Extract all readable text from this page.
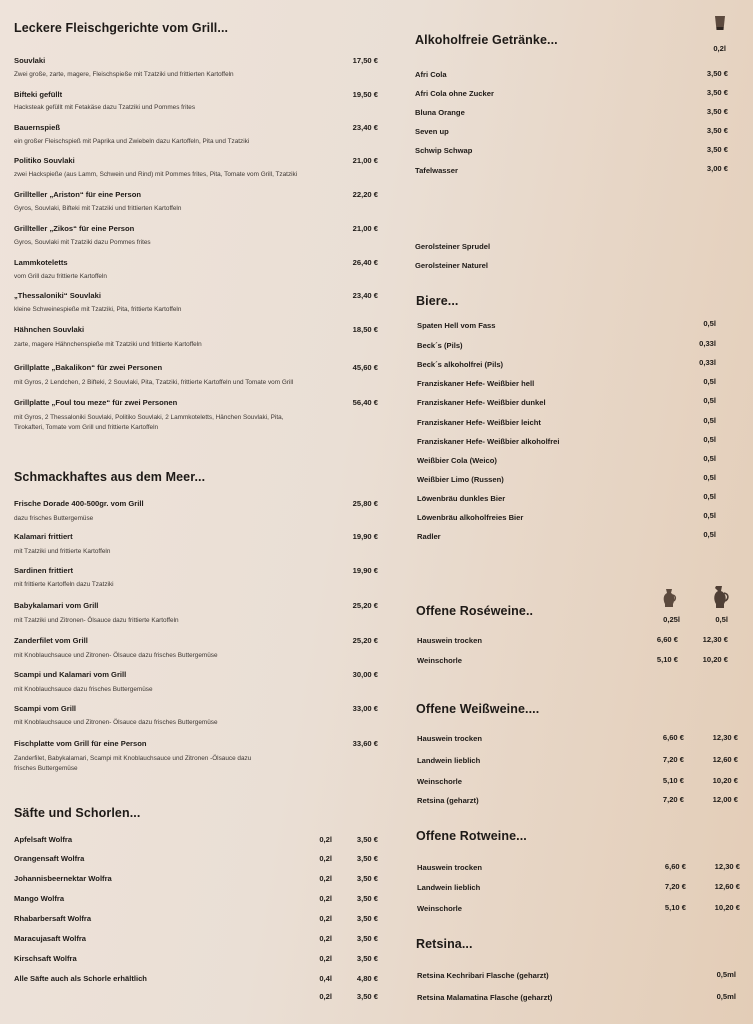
Leckere Fleischgerichte vom Grill...
Souvlaki	17,50 €
Zwei große, zarte, magere, Fleischspieße mit Tzatziki und frittierten Kartoffeln
Bifteki gefüllt	19,50 €
Hacksteak gefüllt mit Fetakäse dazu Tzatziki und Pommes frites
Bauernspieß	23,40 €
ein großer Fleischspieß mit Paprika und Zwiebeln dazu Kartoffeln, Pita und Tzatziki
Politiko Souvlaki	21,00 €
zwei Hackspieße (aus Lamm, Schwein und Rind) mit Pommes frites, Pita, Tomate vom Grill, Tzatziki
Grillteller „Ariston“ für eine Person	22,20 €
Gyros, Souvlaki, Bifteki mit Tzatziki und frittierten Kartoffeln
Grillteller „Zikos“ für eine Person	21,00 €
Gyros, Souvlaki mit Tzatziki dazu Pommes frites
Lammkoteletts	26,40 €
vom Grill dazu frittierte Kartoffeln
„Thessaloniki“ Souvlaki	23,40 €
kleine Schweinespieße mit Tzatziki, Pita, frittierte Kartoffeln
Hähnchen Souvlaki	18,50 €
zarte, magere Hähnchenspieße mit Tzatziki und frittierte Kartoffeln
Grillplatte „Bakalikon“ für zwei Personen	45,60 €
mit Gyros, 2 Lendchen, 2 Bifteki, 2 Souvlaki, Pita, Tzatziki, frittierte Kartoffeln und Tomate vom Grill
Grillplatte „Foul tou meze“ für zwei Personen	56,40 €
mit Gyros, 2 Thessaloniki Souvlaki, Politiko Souvlaki, 2 Lammkoteletts, Hänchen Souvlaki, Pita,
Tirokafteri, Tomate vom Grill und frittierte Kartoffeln
Schmackhaftes aus dem Meer...
Frische Dorade 400-500gr. vom Grill	25,80 €
dazu frisches Buttergemüse
Kalamari frittiert	19,90 €
mit Tzatziki und frittierte Kartoffeln
Sardinen frittiert	19,90 €
mit frittierte Kartoffeln dazu Tzatziki
Babykalamari vom Grill	25,20 €
mit Tzatziki und Zitronen- Ölsauce dazu frittierte Kartoffeln
Zanderfilet vom Grill	25,20 €
mit Knoblauchsauce und Zitronen- Ölsauce dazu frisches Buttergemüse
Scampi und Kalamari vom Grill	30,00 €
mit Knoblauchsauce dazu frisches Buttergemüse
Scampi vom Grill	33,00 €
mit Knoblauchsauce und Zitronen- Ölsauce dazu frisches Buttergemüse
Fischplatte vom Grill für eine Person	33,60 €
Zanderfilet, Babykalamari, Scampi mit Knoblauchsauce und Zitronen -Ölsauce dazu
frisches Buttergemüse
Säfte und Schorlen...
Apfelsaft Wolfra	0,2l	3,50 €
Orangensaft Wolfra	0,2l	3,50 €
Johannisbeernektar Wolfra	0,2l	3,50 €
Mango Wolfra	0,2l	3,50 €
Rhabarbersaft Wolfra	0,2l	3,50 €
Maracujasaft Wolfra	0,2l	3,50 €
Kirschsaft Wolfra	0,2l	3,50 €
Alle Säfte auch als Schorle erhältlich	0,4l	4,80 €
0,2l	3,50 €
Alkoholfreie Getränke...
0,2l
Afri Cola	3,50 €
Afri Cola ohne Zucker	3,50 €
Bluna Orange	3,50 €
Seven up	3,50 €
Schwip Schwap	3,50 €
Tafelwasser	3,00 €
Gerolsteiner Sprudel
Gerolsteiner Naturel
Biere...
Spaten Hell vom Fass	0,5l
Beck´s (Pils)	0,33l
Beck´s alkoholfrei (Pils)	0,33l
Franziskaner Hefe- Weißbier hell	0,5l
Franziskaner Hefe- Weißbier dunkel	0,5l
Franziskaner Hefe- Weißbier leicht	0,5l
Franziskaner Hefe- Weißbier alkoholfrei	0,5l
Weißbier Cola (Weico)	0,5l
Weißbier Limo (Russen)	0,5l
Löwenbräu dunkles Bier	0,5l
Löwenbräu alkoholfreies Bier	0,5l
Radler	0,5l
Offene Roséweine..
0,25l	0,5l
Hauswein trocken	6,60 €	12,30 €
Weinschorle	5,10 €	10,20 €
Offene Weißweine....
Hauswein trocken	6,60 €	12,30 €
Landwein lieblich	7,20 €	12,60 €
Weinschorle	5,10 €	10,20 €
Retsina (geharzt)	7,20 €	12,00 €
Offene Rotweine...
Hauswein trocken	6,60 €	12,30 €
Landwein lieblich	7,20 €	12,60 €
Weinschorle	5,10 €	10,20 €
Retsina...
Retsina Kechribari Flasche (geharzt)	0,5ml
Retsina Malamatina Flasche (geharzt)	0,5ml
